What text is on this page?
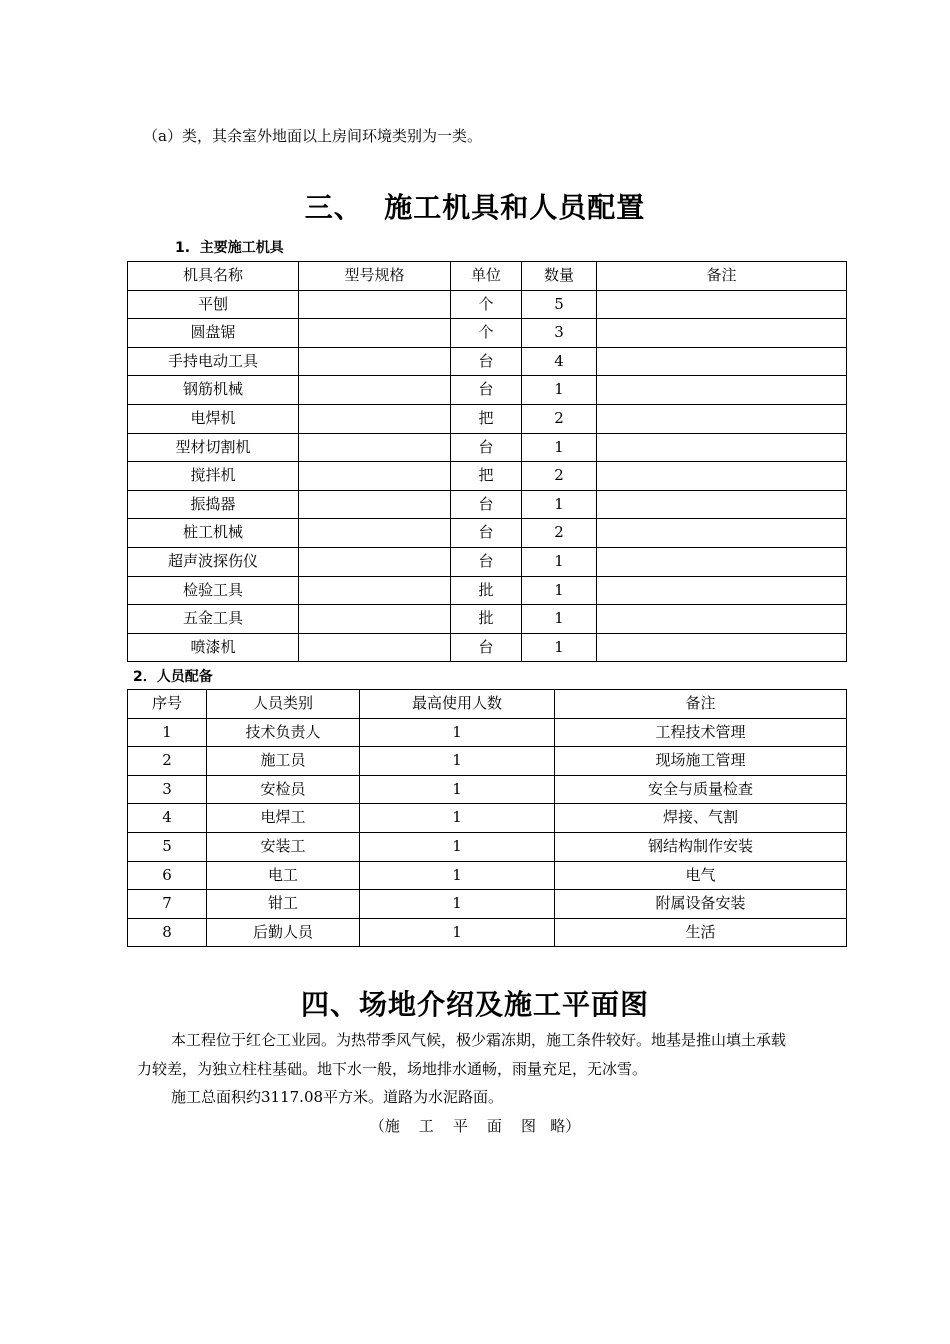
（a）类，其余室外地面以上房间环境类别为一类。
三、  施工机具和人员配置
1.  主要施工机具
机具名称	型号规格	单位	数量	备注
平刨		个	5	
圆盘锯		个	3	
手持电动工具		台	4	
钢筋机械		台	1	
电焊机		把	2	
型材切割机		台	1	
搅拌机		把	2	
振捣器		台	1	
桩工机械		台	2	
超声波探伤仪		台	1	
检验工具		批	1	
五金工具		批	1	
喷漆机		台	1	
2．人员配备
序号	人员类别	最高使用人数	备注
1	技术负责人	1	工程技术管理
2	施工员	1	现场施工管理
3	安检员	1	安全与质量检查
4	电焊工	1	焊接、气割
5	安装工	1	钢结构制作安装
6	电工	1	电气
7	钳工	1	附属设备安装
8	后勤人员	1	生活
四、场地介绍及施工平面图
本工程位于红仑工业园。为热带季风气候，极少霜冻期，施工条件较好。地基是推山填土承载
力较差，为独立柱柱基础。地下水一般，场地排水通畅，雨量充足，无冰雪。
施工总面积约3117.08平方米。道路为水泥路面。
（施    工    平    面    图   略）
